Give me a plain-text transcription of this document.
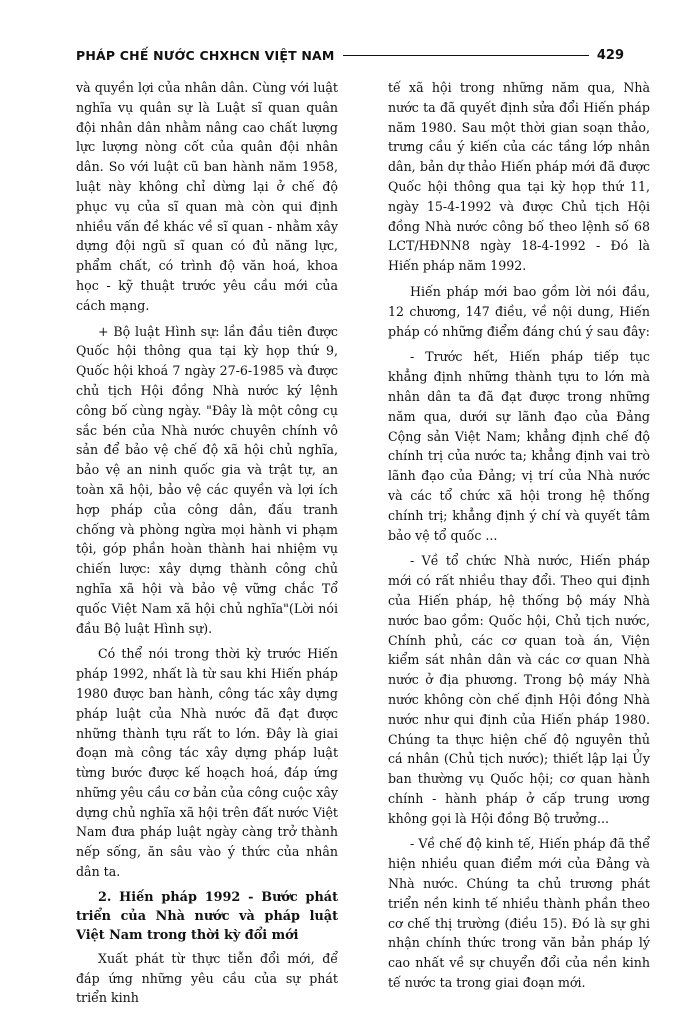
PHÁP CHẾ NƯỚC CHXHCN VIỆT NAM	429

và quyền lợi của nhân dân. Cùng với luật nghĩa vụ quân sự là Luật sĩ quan quân đội nhân dân nhằm nâng cao chất lượng lực lượng nòng cốt của quân đội nhân dân. So với luật cũ ban hành năm 1958, luật này không chỉ dừng lại ở chế độ phục vụ của sĩ quan mà còn qui định nhiều vấn đề khác về sĩ quan - nhằm xây dựng đội ngũ sĩ quan có đủ năng lực, phẩm chất, có trình độ văn hoá, khoa học - kỹ thuật trước yêu cầu mới của cách mạng.

+ Bộ luật Hình sự: lần đầu tiên được Quốc hội thông qua tại kỳ họp thứ 9, Quốc hội khoá 7 ngày 27-6-1985 và được chủ tịch Hội đồng Nhà nước ký lệnh công bố cùng ngày. "Đây là một công cụ sắc bén của Nhà nước chuyên chính vô sản để bảo vệ chế độ xã hội chủ nghĩa, bảo vệ an ninh quốc gia và trật tự, an toàn xã hội, bảo vệ các quyền và lợi ích hợp pháp của công dân, đấu tranh chống và phòng ngừa mọi hành vi phạm tội, góp phần hoàn thành hai nhiệm vụ chiến lược: xây dựng thành công chủ nghĩa xã hội và bảo vệ vững chắc Tổ quốc Việt Nam xã hội chủ nghĩa"(Lời nói đầu Bộ luật Hình sự).

Có thể nói trong thời kỳ trước Hiến pháp 1992, nhất là từ sau khi Hiến pháp 1980 được ban hành, công tác xây dựng pháp luật của Nhà nước đã đạt được những thành tựu rất to lớn. Đây là giai đoạn mà công tác xây dựng pháp luật từng bước được kế hoạch hoá, đáp ứng những yêu cầu cơ bản của công cuộc xây dựng chủ nghĩa xã hội trên đất nước Việt Nam đưa pháp luật ngày càng trở thành nếp sống, ăn sâu vào ý thức của nhân dân ta.

2. Hiến pháp 1992 - Bước phát triển của Nhà nước và pháp luật Việt Nam trong thời kỳ đổi mới

Xuất phát từ thực tiễn đổi mới, để đáp ứng những yêu cầu của sự phát triển kinh

tế xã hội trong những năm qua, Nhà nước ta đã quyết định sửa đổi Hiến pháp năm 1980. Sau một thời gian soạn thảo, trưng cầu ý kiến của các tầng lớp nhân dân, bản dự thảo Hiến pháp mới đã được Quốc hội thông qua tại kỳ họp thứ 11, ngày 15-4-1992 và được Chủ tịch Hội đồng Nhà nước công bố theo lệnh số 68 LCT/HĐNN8 ngày 18-4-1992 - Đó là Hiến pháp năm 1992.

Hiến pháp mới bao gồm lời nói đầu, 12 chương, 147 điều, về nội dung, Hiến pháp có những điểm đáng chú ý sau đây:

- Trước hết, Hiến pháp tiếp tục khẳng định những thành tựu to lớn mà nhân dân ta đã đạt được trong những năm qua, dưới sự lãnh đạo của Đảng Cộng sản Việt Nam; khẳng định chế độ chính trị của nước ta; khẳng định vai trò lãnh đạo của Đảng; vị trí của Nhà nước và các tổ chức xã hội trong hệ thống chính trị; khẳng định ý chí và quyết tâm bảo vệ tổ quốc ...

- Về tổ chức Nhà nước, Hiến pháp mới có rất nhiều thay đổi. Theo qui định của Hiến pháp, hệ thống bộ máy Nhà nước bao gồm: Quốc hội, Chủ tịch nước, Chính phủ, các cơ quan toà án, Viện kiểm sát nhân dân và các cơ quan Nhà nước ở địa phương. Trong bộ máy Nhà nước không còn chế định Hội đồng Nhà nước như qui định của Hiến pháp 1980. Chúng ta thực hiện chế độ nguyên thủ cá nhân (Chủ tịch nước); thiết lập lại Ủy ban thường vụ Quốc hội; cơ quan hành chính - hành pháp ở cấp trung ương không gọi là Hội đồng Bộ trưởng...

- Về chế độ kinh tế, Hiến pháp đã thể hiện nhiều quan điểm mới của Đảng và Nhà nước. Chúng ta chủ trương phát triển nền kinh tế nhiều thành phần theo cơ chế thị trường (điều 15). Đó là sự ghi nhận chính thức trong văn bản pháp lý cao nhất về sự chuyển đổi của nền kinh tế nước ta trong giai đoạn mới.
